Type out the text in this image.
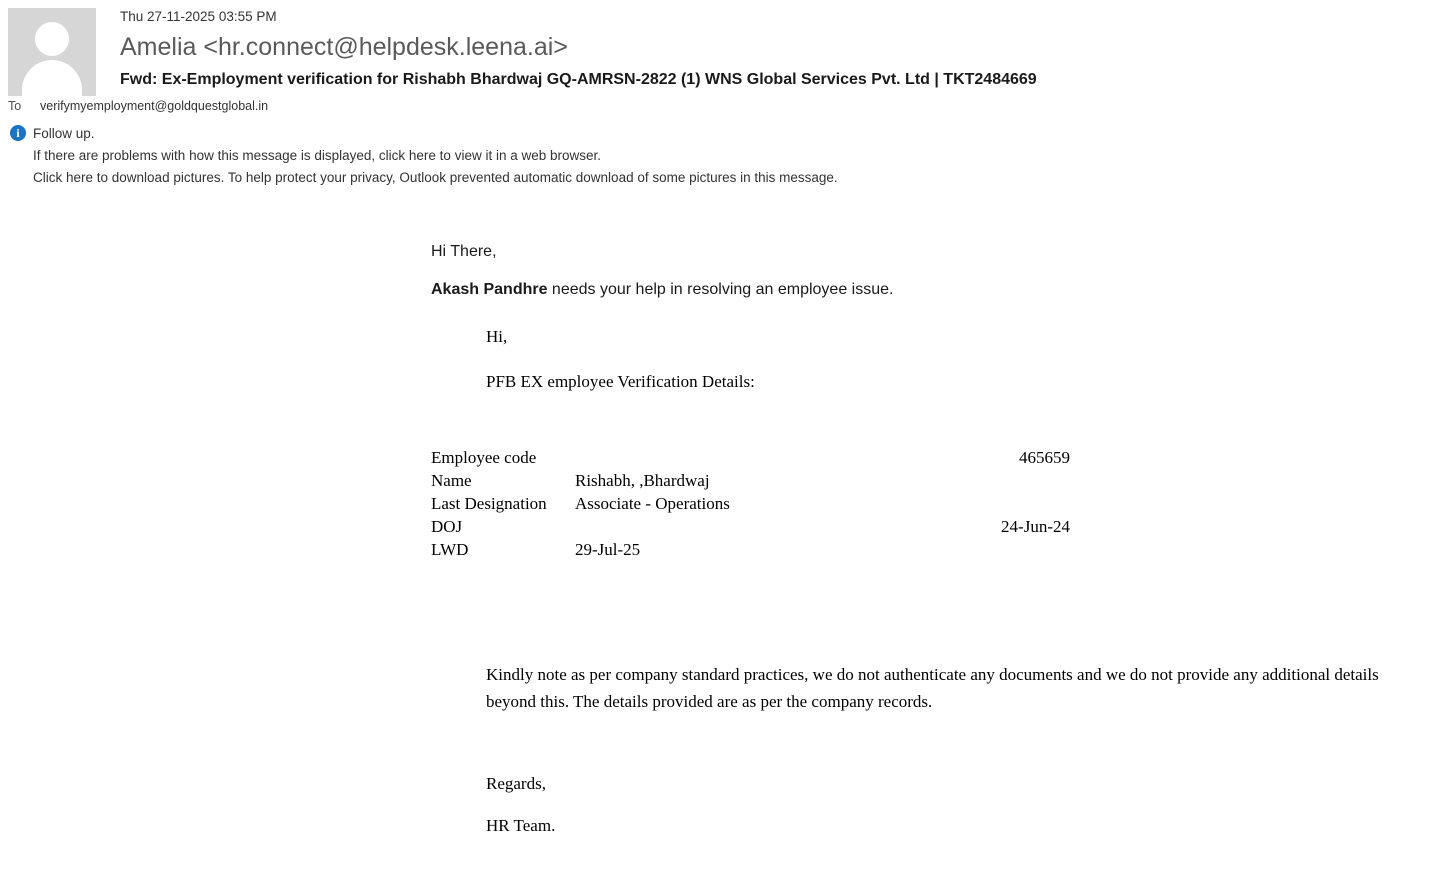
Thu 27-11-2025 03:55 PM
Amelia <hr.connect@helpdesk.leena.ai>
Fwd: Ex-Employment verification for Rishabh Bhardwaj GQ-AMRSN-2822 (1) WNS Global Services Pvt. Ltd | TKT2484669
To	verifymyemployment@goldquestglobal.in
i Follow up.
If there are problems with how this message is displayed, click here to view it in a web browser.
Click here to download pictures. To help protect your privacy, Outlook prevented automatic download of some pictures in this message.
Hi There,
Akash Pandhre needs your help in resolving an employee issue.
Hi,
PFB EX employee Verification Details:
Employee code		465659
Name	Rishabh, ,Bhardwaj	
Last Designation	Associate - Operations	
DOJ		24-Jun-24
LWD	29-Jul-25	
Kindly note as per company standard practices, we do not authenticate any documents and we do not provide any additional details beyond this. The details provided are as per the company records.
Regards,
HR Team.
